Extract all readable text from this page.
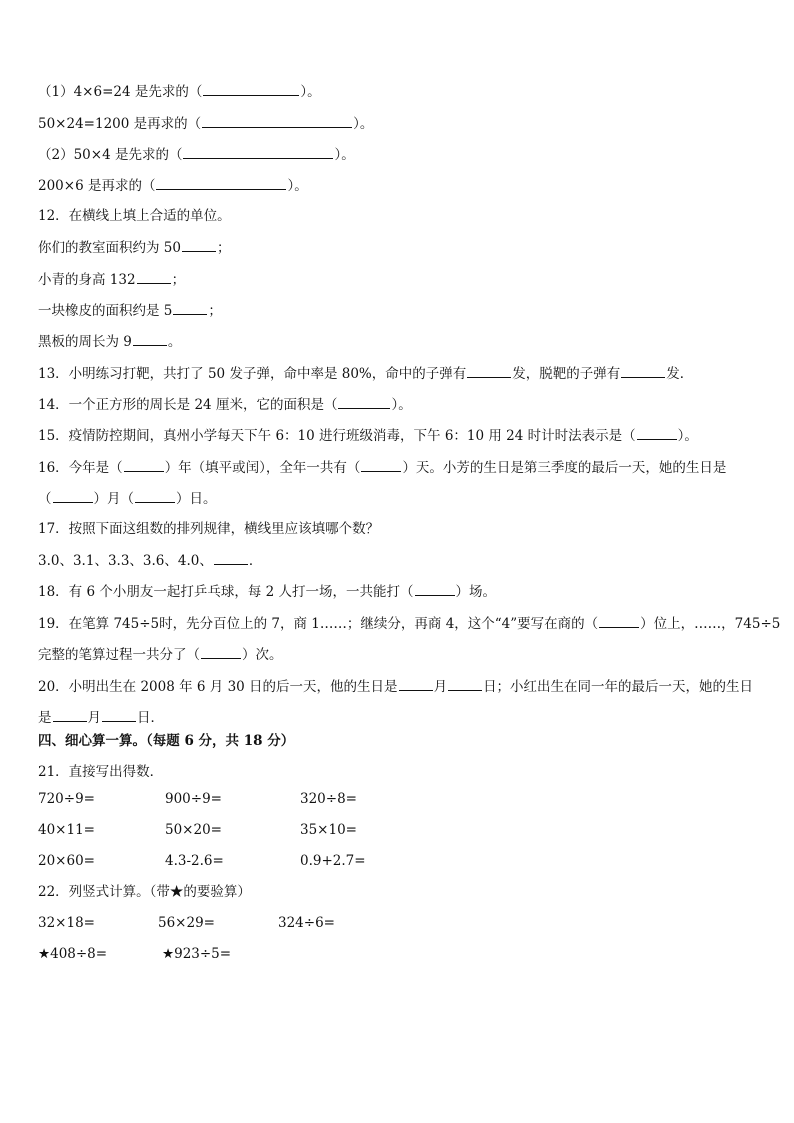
（1）4×6=24 是先求的（	）。
50×24=1200 是再求的（	）。
（2）50×4 是先求的（	）。
200×6 是再求的（	）。
12．在横线上填上合适的单位。
你们的教室面积约为 50	；
小青的身高 132	；
一块橡皮的面积约是 5	；
黑板的周长为 9	。
13．小明练习打靶，共打了 50 发子弹，命中率是 80%，命中的子弹有	发，脱靶的子弹有	发．
14．一个正方形的周长是 24 厘米，它的面积是（	）。
15．疫情防控期间，真州小学每天下午 6：10 进行班级消毒，下午 6：10 用 24 时计时法表示是（	）。
16．今年是（	）年（填平或闰），全年一共有（	）天。小芳的生日是第三季度的最后一天，她的生日是
（	）月（	）日。
17．按照下面这组数的排列规律，横线里应该填哪个数？
3.0、3.1、3.3、3.6、4.0、	．
18．有 6 个小朋友一起打乒乓球，每 2 人打一场，一共能打（	）场。
19．在笔算 745÷5时，先分百位上的 7，商 1……；继续分，再商 4，这个“4”要写在商的（	）位上，……，745÷5
完整的笔算过程一共分了（	）次。
20．小明出生在 2008 年 6 月 30 日的后一天，他的生日是	月	日；小红出生在同一年的最后一天，她的生日
是	月	日．
四、细心算一算。（每题 6 分，共 18 分）
21．直接写出得数．
22．列竖式计算。（带★的要验算）
720÷9=	900÷9=	320÷8=
40×11=	50×20=	35×10=
20×60=	4.3-2.6=	0.9+2.7=
32×18=	56×29=	324÷6=
★408÷8=	★923÷5=
